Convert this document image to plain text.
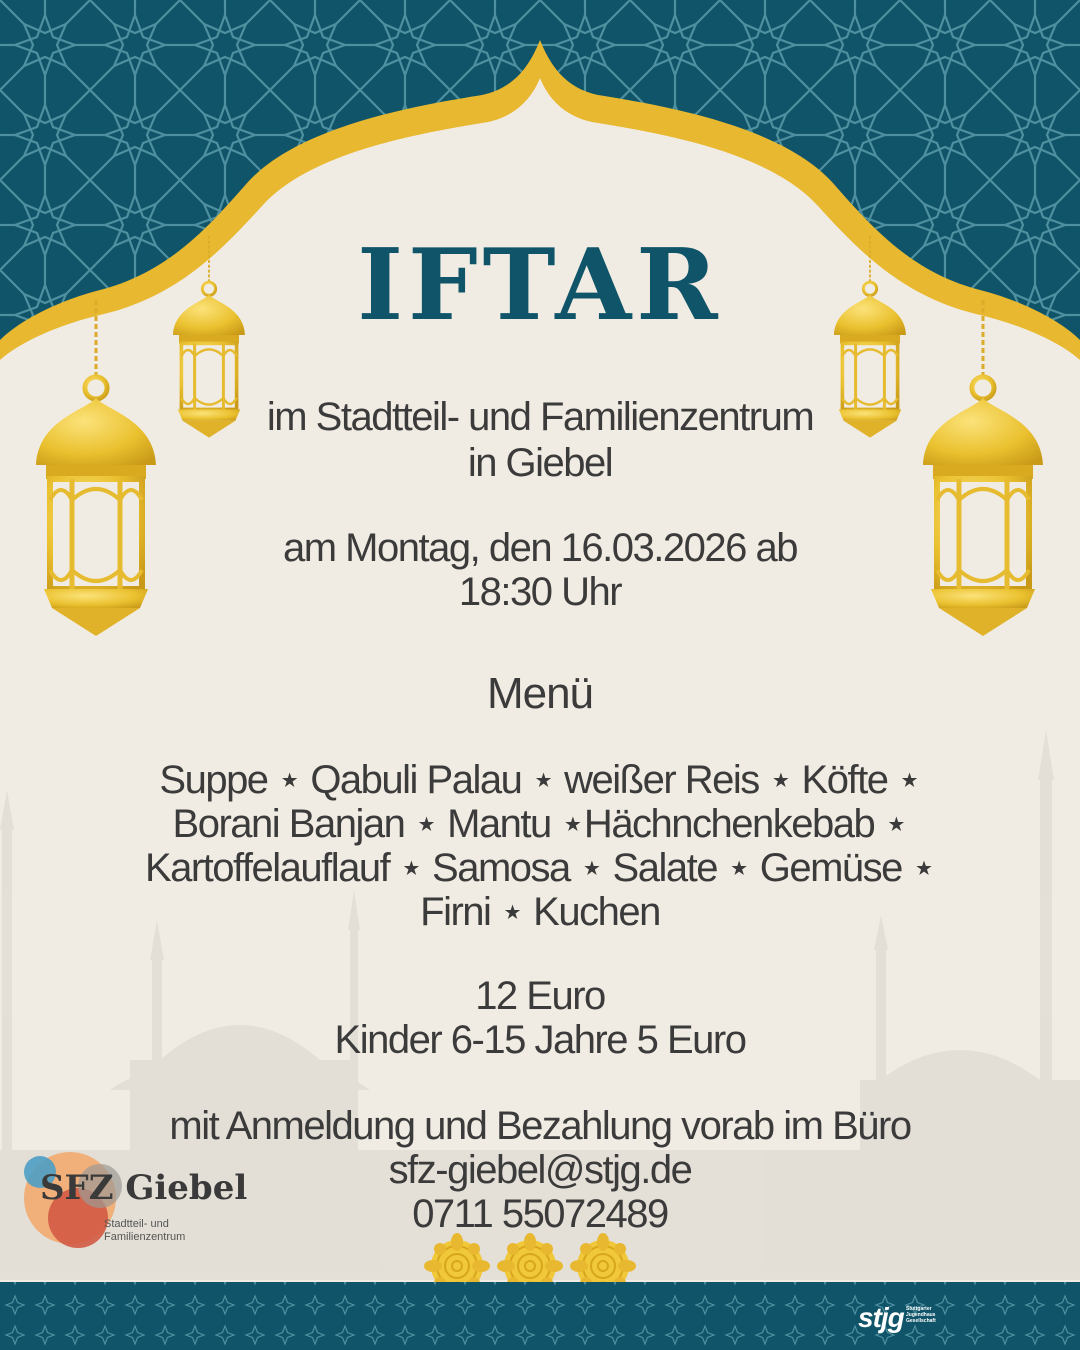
IFTAR
im Stadtteil- und Familienzentrum
in Giebel
am Montag, den 16.03.2026 ab
18:30 Uhr
Menü
Suppe ⋆ Qabuli Palau ⋆ weißer Reis ⋆ Köfte ⋆
Borani Banjan ⋆ Mantu ⋆Hächnchenkebab ⋆
Kartoffelauflauf ⋆ Samosa ⋆ Salate ⋆ Gemüse ⋆
Firni ⋆ Kuchen
12 Euro
Kinder 6-15 Jahre 5 Euro
mit Anmeldung und Bezahlung vorab im Büro
sfz-giebel@stjg.de
0711 55072489
SFZ Giebel
Stadtteil- und
Familienzentrum
stjg Stuttgarter Jugendhaus Gesellschaft
